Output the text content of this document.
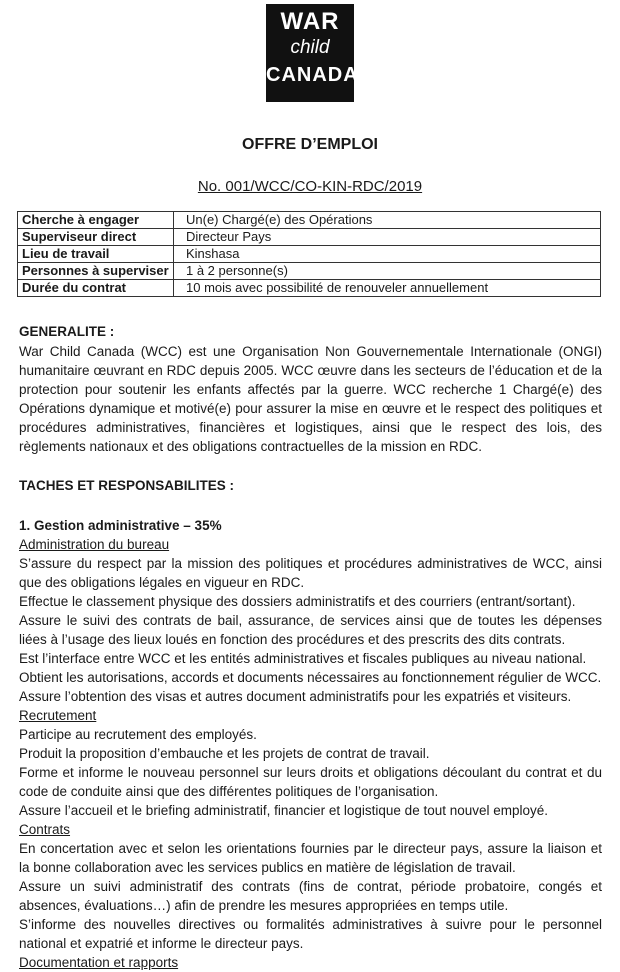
WAR
child
CANADA
OFFRE D’EMPLOI
No. 001/WCC/CO-KIN-RDC/2019
Cherche à engager	Un(e) Chargé(e) des Opérations
Superviseur direct	Directeur Pays
Lieu de travail	Kinshasa
Personnes à superviser	1 à 2 personne(s)
Durée du contrat	10 mois avec possibilité de renouveler annuellement
GENERALITE :
War Child Canada (WCC) est une Organisation Non Gouvernementale Internationale (ONGI) humanitaire œuvrant en RDC depuis 2005. WCC œuvre dans les secteurs de l’éducation et de la protection pour soutenir les enfants affectés par la guerre. WCC recherche 1 Chargé(e) des Opérations dynamique et motivé(e) pour assurer la mise en œuvre et le respect des politiques et procédures administratives, financières et logistiques, ainsi que le respect des lois, des règlements nationaux et des obligations contractuelles de la mission en RDC.
TACHES ET RESPONSABILITES :
1. Gestion administrative – 35%
Administration du bureau
S’assure du respect par la mission des politiques et procédures administratives de WCC, ainsi que des obligations légales en vigueur en RDC.
Effectue le classement physique des dossiers administratifs et des courriers (entrant/sortant).
Assure le suivi des contrats de bail, assurance, de services ainsi que de toutes les dépenses liées à l’usage des lieux loués en fonction des procédures et des prescrits des dits contrats.
Est l’interface entre WCC et les entités administratives et fiscales publiques au niveau national.
Obtient les autorisations, accords et documents nécessaires au fonctionnement régulier de WCC.
Assure l’obtention des visas et autres document administratifs pour les expatriés et visiteurs.
Recrutement
Participe au recrutement des employés.
Produit la proposition d’embauche et les projets de contrat de travail.
Forme et informe le nouveau personnel sur leurs droits et obligations découlant du contrat et du code de conduite ainsi que des différentes politiques de l’organisation.
Assure l’accueil et le briefing administratif, financier et logistique de tout nouvel employé.
Contrats
En concertation avec et selon les orientations fournies par le directeur pays, assure la liaison et la bonne collaboration avec les services publics en matière de législation de travail.
Assure un suivi administratif des contrats (fins de contrat, période probatoire, congés et absences, évaluations…) afin de prendre les mesures appropriées en temps utile.
S’informe des nouvelles directives ou formalités administratives à suivre pour le personnel national et expatrié et informe le directeur pays.
Documentation et rapports
